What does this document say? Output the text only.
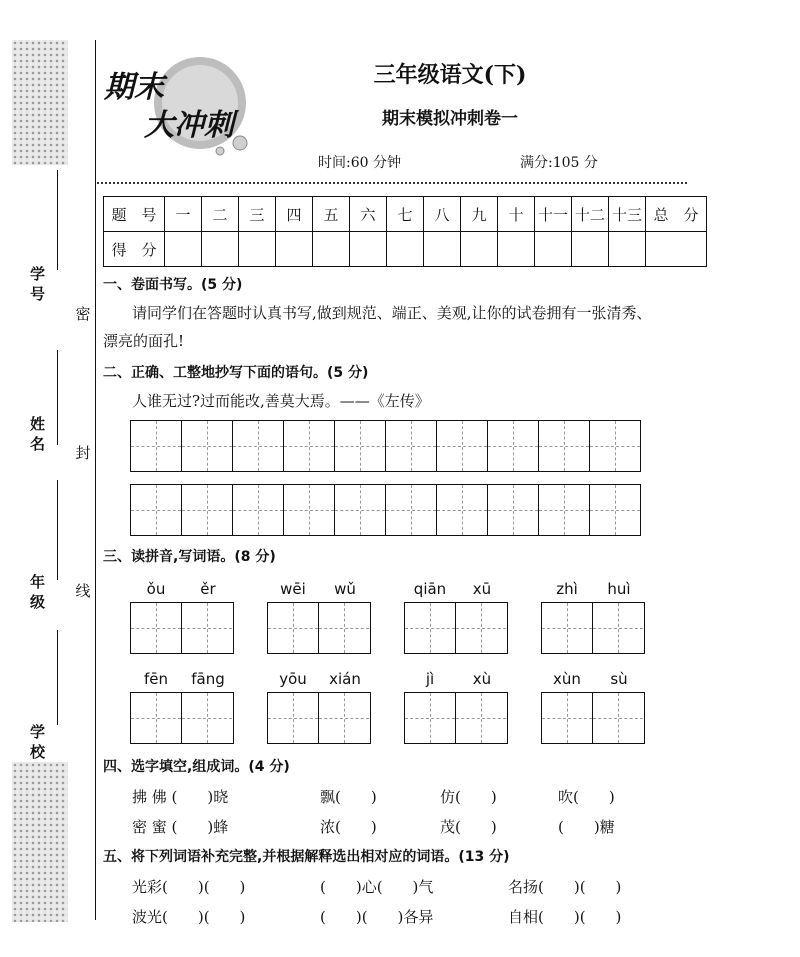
学号
姓名
年级
学校
密
封
线
期末
大冲刺
三年级语文(下)
期末模拟冲刺卷一
时间:60 分钟	满分:105 分
题　号	一	二	三	四	五	六	七	八	九	十	十一	十二	十三	总　分
得　分														
一、卷面书写。(5 分)
请同学们在答题时认真书写,做到规范、端正、美观,让你的试卷拥有一张清秀、
漂亮的面孔!
二、正确、工整地抄写下面的语句。(5 分)
人谁无过?过而能改,善莫大焉。——《左传》
三、读拼音,写词语。(8 分)
ǒu	ěr	wēi	wǔ	qiān	xū	zhì	huì
fēn	fāng	yōu	xián	jì	xù	xùn	sù
四、选字填空,组成词。(4 分)
拂 佛 (　　)晓	飘(　　)	仿(　　)	吹(　　)
密 蜜 (　　)蜂	浓(　　)	茂(　　)	(　　)糖
五、将下列词语补充完整,并根据解释选出相对应的词语。(13 分)
光彩(　　)(　　)	(　　)心(　　)气	名扬(　　)(　　)
波光(　　)(　　)	(　　)(　　)各异	自相(　　)(　　)
